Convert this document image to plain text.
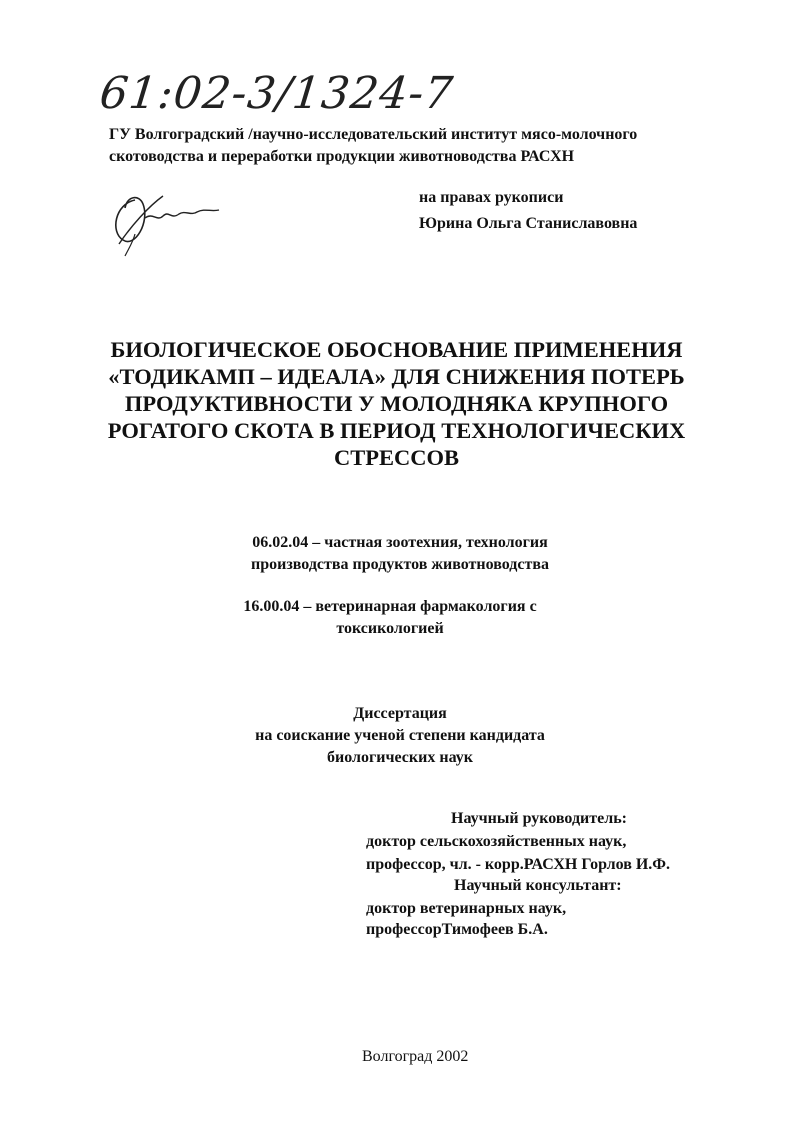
61:02-3/1324-7
ГУ Волгоградский /научно-исследовательский институт мясо-молочного
скотоводства и переработки продукции животноводства РАСХН
на правах рукописи
Юрина Ольга Станиславовна
БИОЛОГИЧЕСКОЕ ОБОСНОВАНИЕ ПРИМЕНЕНИЯ
«ТОДИКАМП – ИДЕАЛА» ДЛЯ СНИЖЕНИЯ ПОТЕРЬ
ПРОДУКТИВНОСТИ У МОЛОДНЯКА КРУПНОГО
РОГАТОГО СКОТА В ПЕРИОД ТЕХНОЛОГИЧЕСКИХ
СТРЕССОВ
06.02.04 – частная зоотехния, технология
производства продуктов животноводства
16.00.04 – ветеринарная фармакология с
токсикологией
Диссертация
на соискание ученой степени кандидата
биологических наук
Научный руководитель:
доктор сельскохозяйственных наук,
профессор, чл. - корр.РАСХН Горлов И.Ф.
Научный консультант:
доктор ветеринарных наук,
профессорТимофеев Б.А.
Волгоград 2002
